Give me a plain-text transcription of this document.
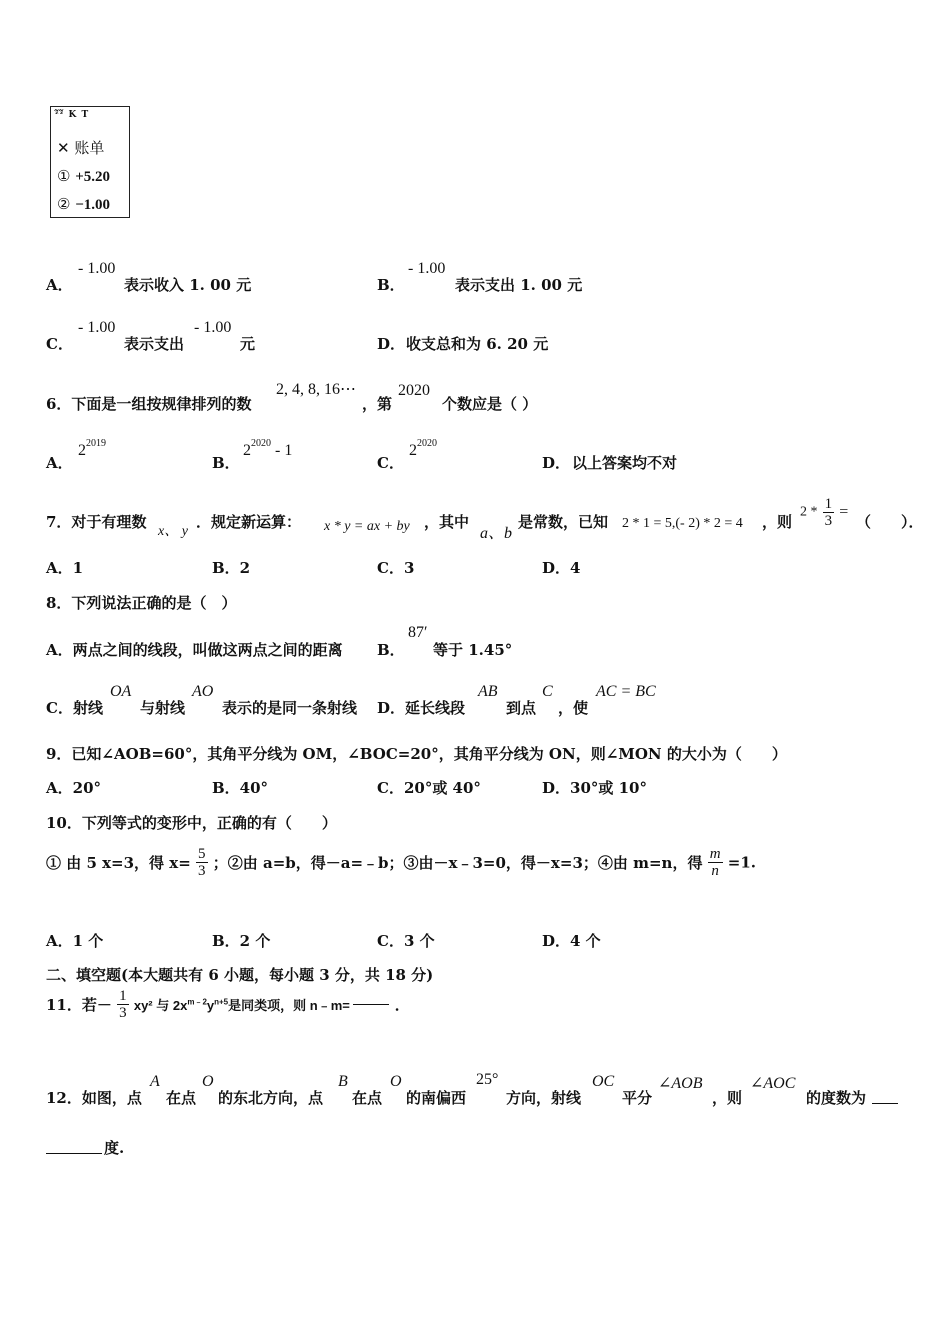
ᶻ᷉ᶻ᷉ K T
✕ 账单
① +5.20
② −1.00
A．
- 1.00
表示收入 1. 00 元	B．
- 1.00
表示支出 1. 00 元
C．
- 1.00
表示支出
- 1.00
元	D． 收支总和为 6. 20 元
6．下面是一组按规律排列的数
2, 4, 8, 16⋯
，第
2020
个数应是（ ）
A．
2 2019
B．
2 2020 - 1
C．
2 2020
D． 以上答案均不对
7．对于有理数
x、 y
．规定新运算： x * y = ax + by ，其中
a、b
是常数，已知 2 * 1 = 5,(- 2) * 2 = 4 ，则
$2 * \frac{1}{3}$ =
（　　）．
A．1	B．2	C．3	D．4
8．下列说法正确的是（　）
A．两点之间的线段，叫做这两点之间的距离 B．
87′
等于 1.45°
C．射线
OA
与射线
AO
表示的是同一条射线 D．延长线段
AB
到点
C
，使
AC = BC
9．已知∠AOB=60°，其角平分线为 OM，∠BOC=20°，其角平分线为 ON，则∠MON 的大小为（　　）
A．20°	B．40°	C．20°或 40°	D．30°或 10°
10．下列等式的变形中，正确的有（　　）
① 由 5 x=3，得 $x= \frac{5}{3}$ ；②由 a=b，得－a=﹣b；③由－x﹣3=0，得－x=3；④由 m=n，得 $\frac{m}{n} =1$.
A．1 个	B．2 个	C．3 个	D．4 个
二、填空题(本大题共有 6 小题，每小题 3 分，共 18 分)
11．若－ $\frac{1}{3} xy^2$ 与 $2x^{m﹣2}y^{n+5}$是同类项，则 n﹣m=	．
12．如图，点
A
在点
O
的东北方向，点
B
在点
O
的南偏西
25°
方向，射线
OC
平分
∠AOB
，则
∠AOC
的度数为
度.
